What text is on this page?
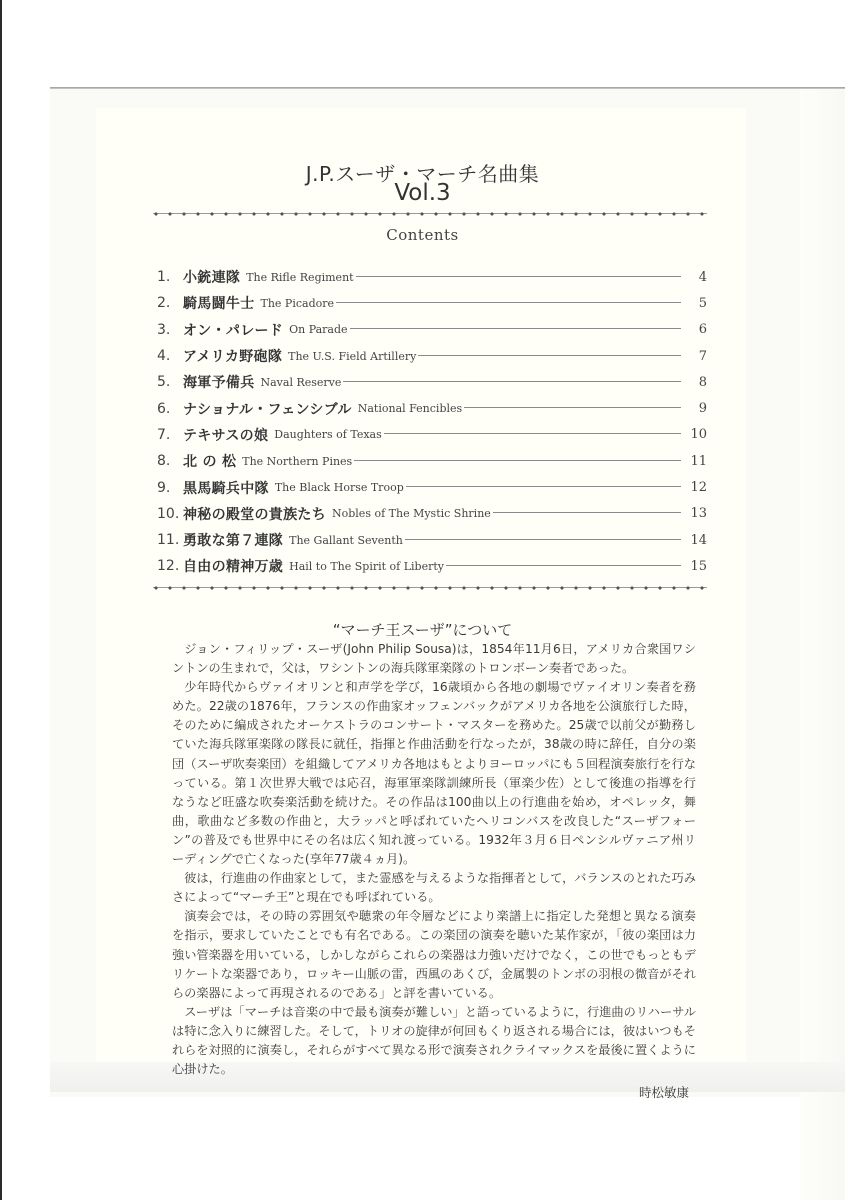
J.P.スーザ・マーチ名曲集
Vol.3
Contents
1. 小銃連隊 The Rifle Regiment	4
2. 騎馬闘牛士 The Picadore	5
3. オン・パレード On Parade	6
4. アメリカ野砲隊 The U.S. Field Artillery	7
5. 海軍予備兵 Naval Reserve	8
6. ナショナル・フェンシブル National Fencibles	9
7. テキサスの娘 Daughters of Texas	10
8. 北 の 松 The Northern Pines	11
9. 黒馬騎兵中隊 The Black Horse Troop	12
10. 神秘の殿堂の貴族たち Nobles of The Mystic Shrine	13
11. 勇敢な第７連隊 The Gallant Seventh	14
12. 自由の精神万歳 Hail to The Spirit of Liberty	15
“マーチ王スーザ”について

ジョン・フィリップ・スーザ(John Philip Sousa)は，1854年11月6日，アメリカ合衆国ワシントンの生まれで，父は，ワシントンの海兵隊軍楽隊のトロンボーン奏者であった。

少年時代からヴァイオリンと和声学を学び，16歳頃から各地の劇場でヴァイオリン奏者を務めた。22歳の1876年，フランスの作曲家オッフェンバックがアメリカ各地を公演旅行した時，そのために編成されたオーケストラのコンサート・マスターを務めた。25歳で以前父が勤務していた海兵隊軍楽隊の隊長に就任，指揮と作曲活動を行なったが，38歳の時に辞任，自分の楽団（スーザ吹奏楽団）を組織してアメリカ各地はもとよりヨーロッパにも５回程演奏旅行を行なっている。第１次世界大戦では応召，海軍軍楽隊訓練所長（軍楽少佐）として後進の指導を行なうなど旺盛な吹奏楽活動を続けた。その作品は100曲以上の行進曲を始め，オペレッタ，舞曲，歌曲など多数の作曲と，大ラッパと呼ばれていたヘリコンバスを改良した“スーザフォーン”の普及でも世界中にその名は広く知れ渡っている。1932年３月６日ペンシルヴァニア州リーディングで亡くなった(享年77歳４ヵ月)。

彼は，行進曲の作曲家として，また霊感を与えるような指揮者として，バランスのとれた巧みさによって“マーチ王”と現在でも呼ばれている。

演奏会では，その時の雰囲気や聴衆の年令層などにより楽譜上に指定した発想と異なる演奏を指示，要求していたことでも有名である。この楽団の演奏を聴いた某作家が，｢彼の楽団は力強い管楽器を用いている，しかしながらこれらの楽器は力強いだけでなく，この世でもっともデリケートな楽器であり，ロッキー山脈の雷，西風のあくび，金属製のトンボの羽根の微音がそれらの楽器によって再現されるのである」と評を書いている。

スーザは「マーチは音楽の中で最も演奏が難しい」と語っているように，行進曲のリハーサルは特に念入りに練習した。そして，トリオの旋律が何回もくり返される場合には，彼はいつもそれらを対照的に演奏し，それらがすべて異なる形で演奏されクライマックスを最後に置くように心掛けた。

時松敏康
